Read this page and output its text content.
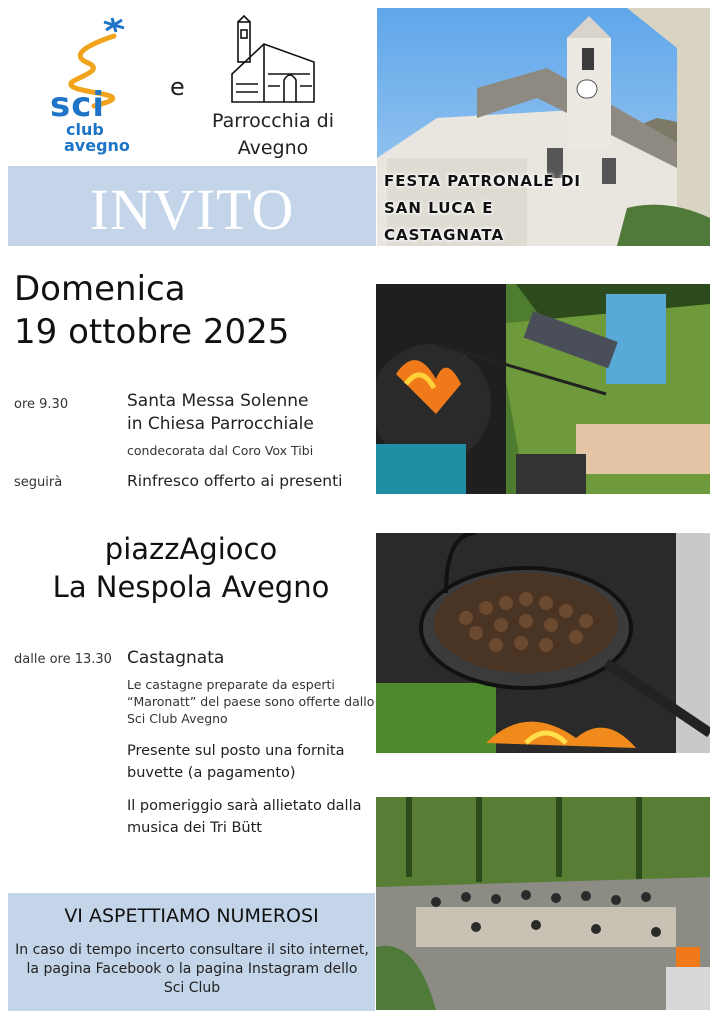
sci
club
avegno
e
Parrocchia di
Avegno
INVITO	FESTA PATRONALE DI
SAN LUCA E
CASTAGNATA
Domenica
19 ottobre 2025
ore 9.30	Santa Messa Solenne
in Chiesa Parrocchiale
condecorata dal Coro Vox Tibi
seguirà	Rinfresco offerto ai presenti
piazzAgioco
La Nespola Avegno
dalle ore 13.30 Castagnata
Le castagne preparate da esperti
“Maronatt” del paese sono offerte dallo
Sci Club Avegno
Presente sul posto una fornita
buvette (a pagamento)
Il pomeriggio sarà allietato dalla
musica dei Tri Bütt
VI ASPETTIAMO NUMEROSI
In caso di tempo incerto consultare il sito internet,
la pagina Facebook o la pagina Instagram dello
Sci Club
